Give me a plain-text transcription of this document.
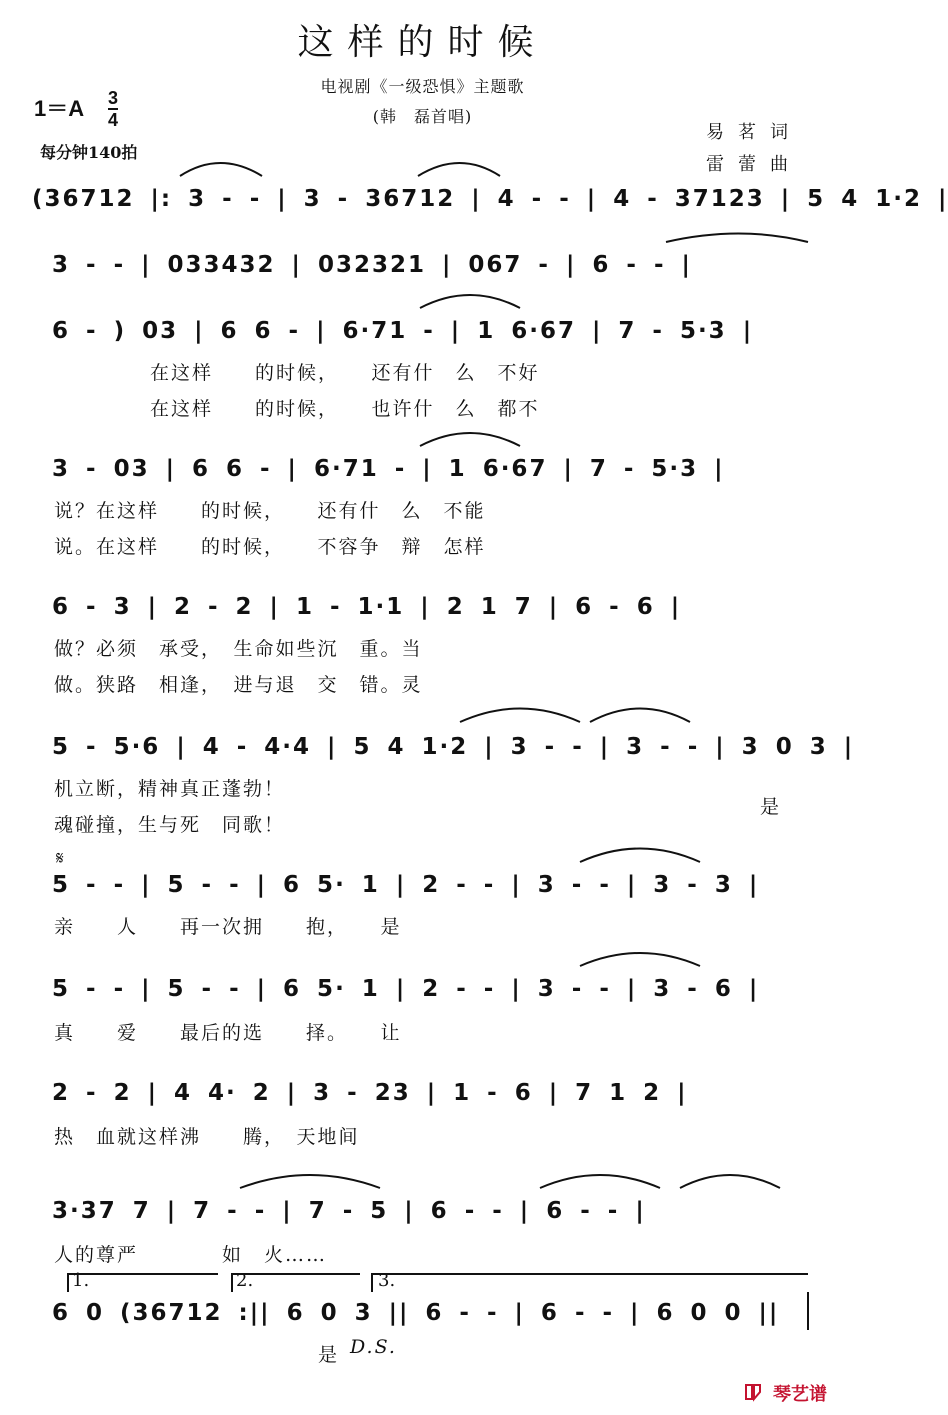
这样的时候
电视剧《一级恐惧》主题歌
(韩　磊首唱)
$1=A \frac{3}{4}$
每分钟140拍
易茗词
雷蕾曲
(36712 |: 3 - - | 3 - 36712 | 4 - - | 4 - 37123 | 5 4 1·2 |
3 - - | 033432 | 032321 | 067 - | 6 - - |
6 - ) 03 | 6 6 - | 6·71 - | 1 6·67 | 7 - 5·3 |
在这样　　的时候，　　还有什　么　不好
在这样　　的时候，　　也许什　么　都不
3 - 03 | 6 6 - | 6·71 - | 1 6·67 | 7 - 5·3 |
说？在这样　　的时候，　　还有什　么　不能
说。在这样　　的时候，　　不容争　辩　怎样
6 - 3 | 2 - 2 | 1 - 1·1 | 2 1 7 | 6 - 6 |
做？必须　承受，　生命如些沉　重。当
做。狭路　相逢，　进与退　交　错。灵
5 - 5·6 | 4 - 4·4 | 5 4 1·2 | 3 - - | 3 - - | 3 0 3 |
机立断，精神真正蓬勃！
魂碰撞，生与死　同歌！
是
𝄋
5 - - | 5 - - | 6 5· 1 | 2 - - | 3 - - | 3 - 3 |
亲　　人　　再一次拥　　抱，　　是
5 - - | 5 - - | 6 5· 1 | 2 - - | 3 - - | 3 - 6 |
真　　爱　　最后的选　　择。　　让
2 - 2 | 4 4· 2 | 3 - 23 | 1 - 6 | 7 1 2 |
热　血就这样沸　　腾，　天地间
3·37 7 | 7 - - | 7 - 5 | 6 - - | 6 - - |
人的尊严　　　　如　火……
1.	2.	3.
6 0 (36712 :|| 6 0 3 || 6 - - | 6 - - | 6 0 0 ||
是 D.S.
琴艺谱
